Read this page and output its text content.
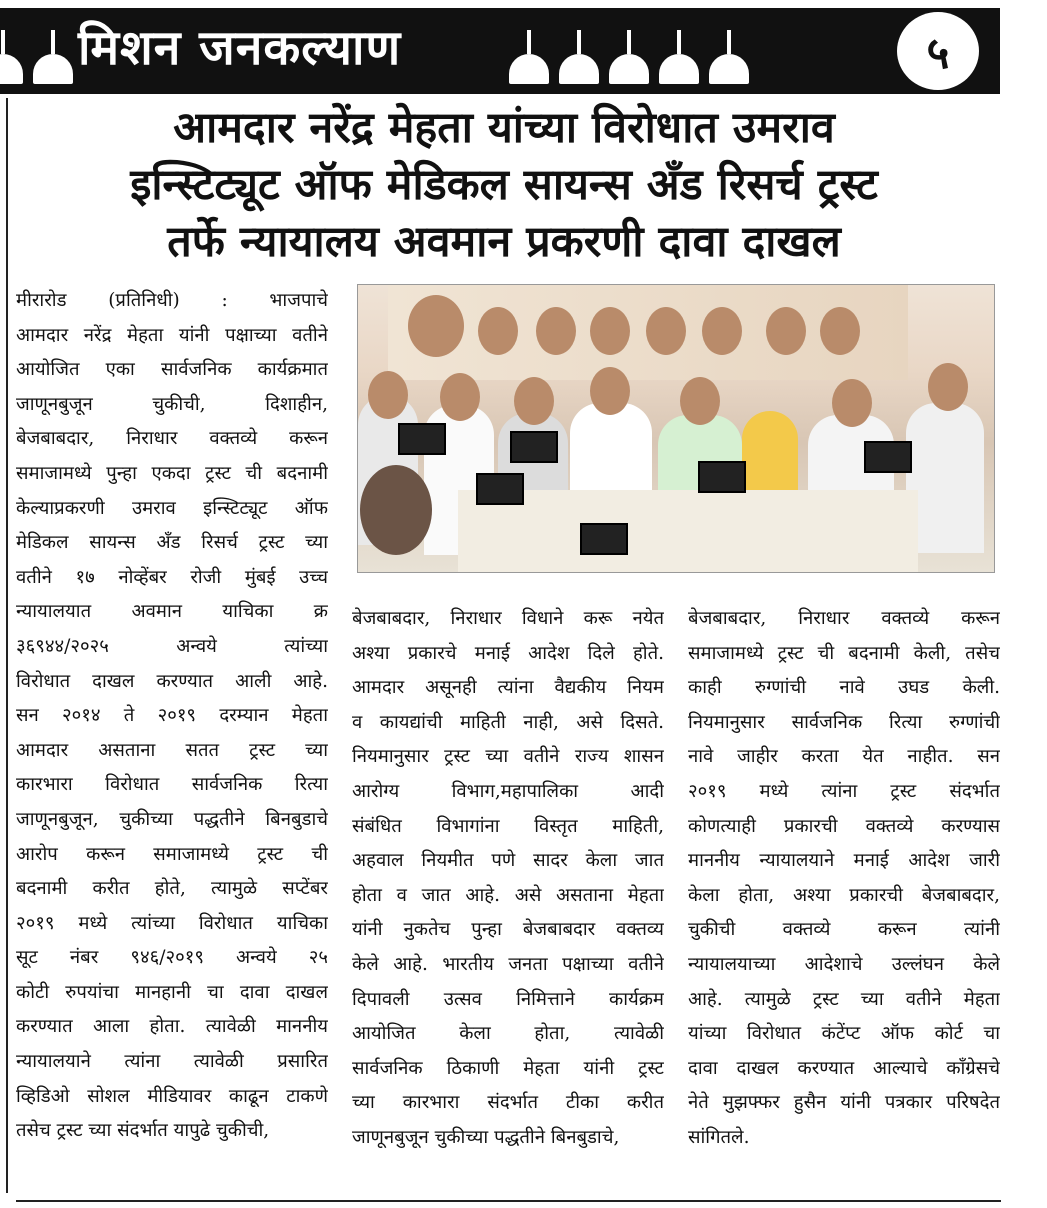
मिशन जनकल्याण	५
आमदार नरेंद्र मेहता यांच्या विरोधात उमराव
इन्स्टिट्यूट ऑफ मेडिकल सायन्स अँड रिसर्च ट्रस्ट
तर्फे न्यायालय अवमान प्रकरणी दावा दाखल
मीरारोड (प्रतिनिधी) : भाजपाचे
आमदार नरेंद्र मेहता यांनी पक्षाच्या वतीने
आयोजित एका सार्वजनिक कार्यक्रमात
जाणूनबुजून चुकीची, दिशाहीन,
बेजबाबदार, निराधार वक्तव्ये करून
समाजामध्ये पुन्हा एकदा ट्रस्ट ची बदनामी
केल्याप्रकरणी उमराव इन्स्टिट्यूट ऑफ
मेडिकल सायन्स अँड रिसर्च ट्रस्ट च्या
वतीने १७ नोव्हेंबर रोजी मुंबई उच्च
न्यायालयात अवमान याचिका क्र
३६९४४/२०२५ अन्वये त्यांच्या
विरोधात दाखल करण्यात आली आहे.
सन २०१४ ते २०१९ दरम्यान मेहता
आमदार असताना सतत ट्रस्ट च्या
कारभारा विरोधात सार्वजनिक रित्या
जाणूनबुजून, चुकीच्या पद्धतीने बिनबुडाचे
आरोप करून समाजामध्ये ट्रस्ट ची
बदनामी करीत होते, त्यामुळे सप्टेंबर
२०१९ मध्ये त्यांच्या विरोधात याचिका
सूट नंबर ९४६/२०१९ अन्वये २५
कोटी रुपयांचा मानहानी चा दावा दाखल
करण्यात आला होता. त्यावेळी माननीय
न्यायालयाने त्यांना त्यावेळी प्रसारित
व्हिडिओ सोशल मीडियावर काढून टाकणे
तसेच ट्रस्ट च्या संदर्भात यापुढे चुकीची,
बेजबाबदार, निराधार विधाने करू नयेत
अश्या प्रकारचे मनाई आदेश दिले होते.
आमदार असूनही त्यांना वैद्यकीय नियम
व कायद्यांची माहिती नाही, असे दिसते.
नियमानुसार ट्रस्ट च्या वतीने राज्य शासन
आरोग्य विभाग,महापालिका आदी
संबंधित विभागांना विस्तृत माहिती,
अहवाल नियमीत पणे सादर केला जात
होता व जात आहे. असे असताना मेहता
यांनी नुकतेच पुन्हा बेजबाबदार वक्तव्य
केले आहे. भारतीय जनता पक्षाच्या वतीने
दिपावली उत्सव निमित्ताने कार्यक्रम
आयोजित केला होता, त्यावेळी
सार्वजनिक ठिकाणी मेहता यांनी ट्रस्ट
च्या कारभारा संदर्भात टीका करीत
जाणूनबुजून चुकीच्या पद्धतीने बिनबुडाचे,
बेजबाबदार, निराधार वक्तव्ये करून
समाजामध्ये ट्रस्ट ची बदनामी केली, तसेच
काही रुग्णांची नावे उघड केली.
नियमानुसार सार्वजनिक रित्या रुग्णांची
नावे जाहीर करता येत नाहीत. सन
२०१९ मध्ये त्यांना ट्रस्ट संदर्भात
कोणत्याही प्रकारची वक्तव्ये करण्यास
माननीय न्यायालयाने मनाई आदेश जारी
केला होता, अश्या प्रकारची बेजबाबदार,
चुकीची वक्तव्ये करून त्यांनी
न्यायालयाच्या आदेशाचे उल्लंघन केले
आहे. त्यामुळे ट्रस्ट च्या वतीने मेहता
यांच्या विरोधात कंटेंप्ट ऑफ कोर्ट चा
दावा दाखल करण्यात आल्याचे काँग्रेसचे
नेते मुझफ्फर हुसैन यांनी पत्रकार परिषदेत
सांगितले.
